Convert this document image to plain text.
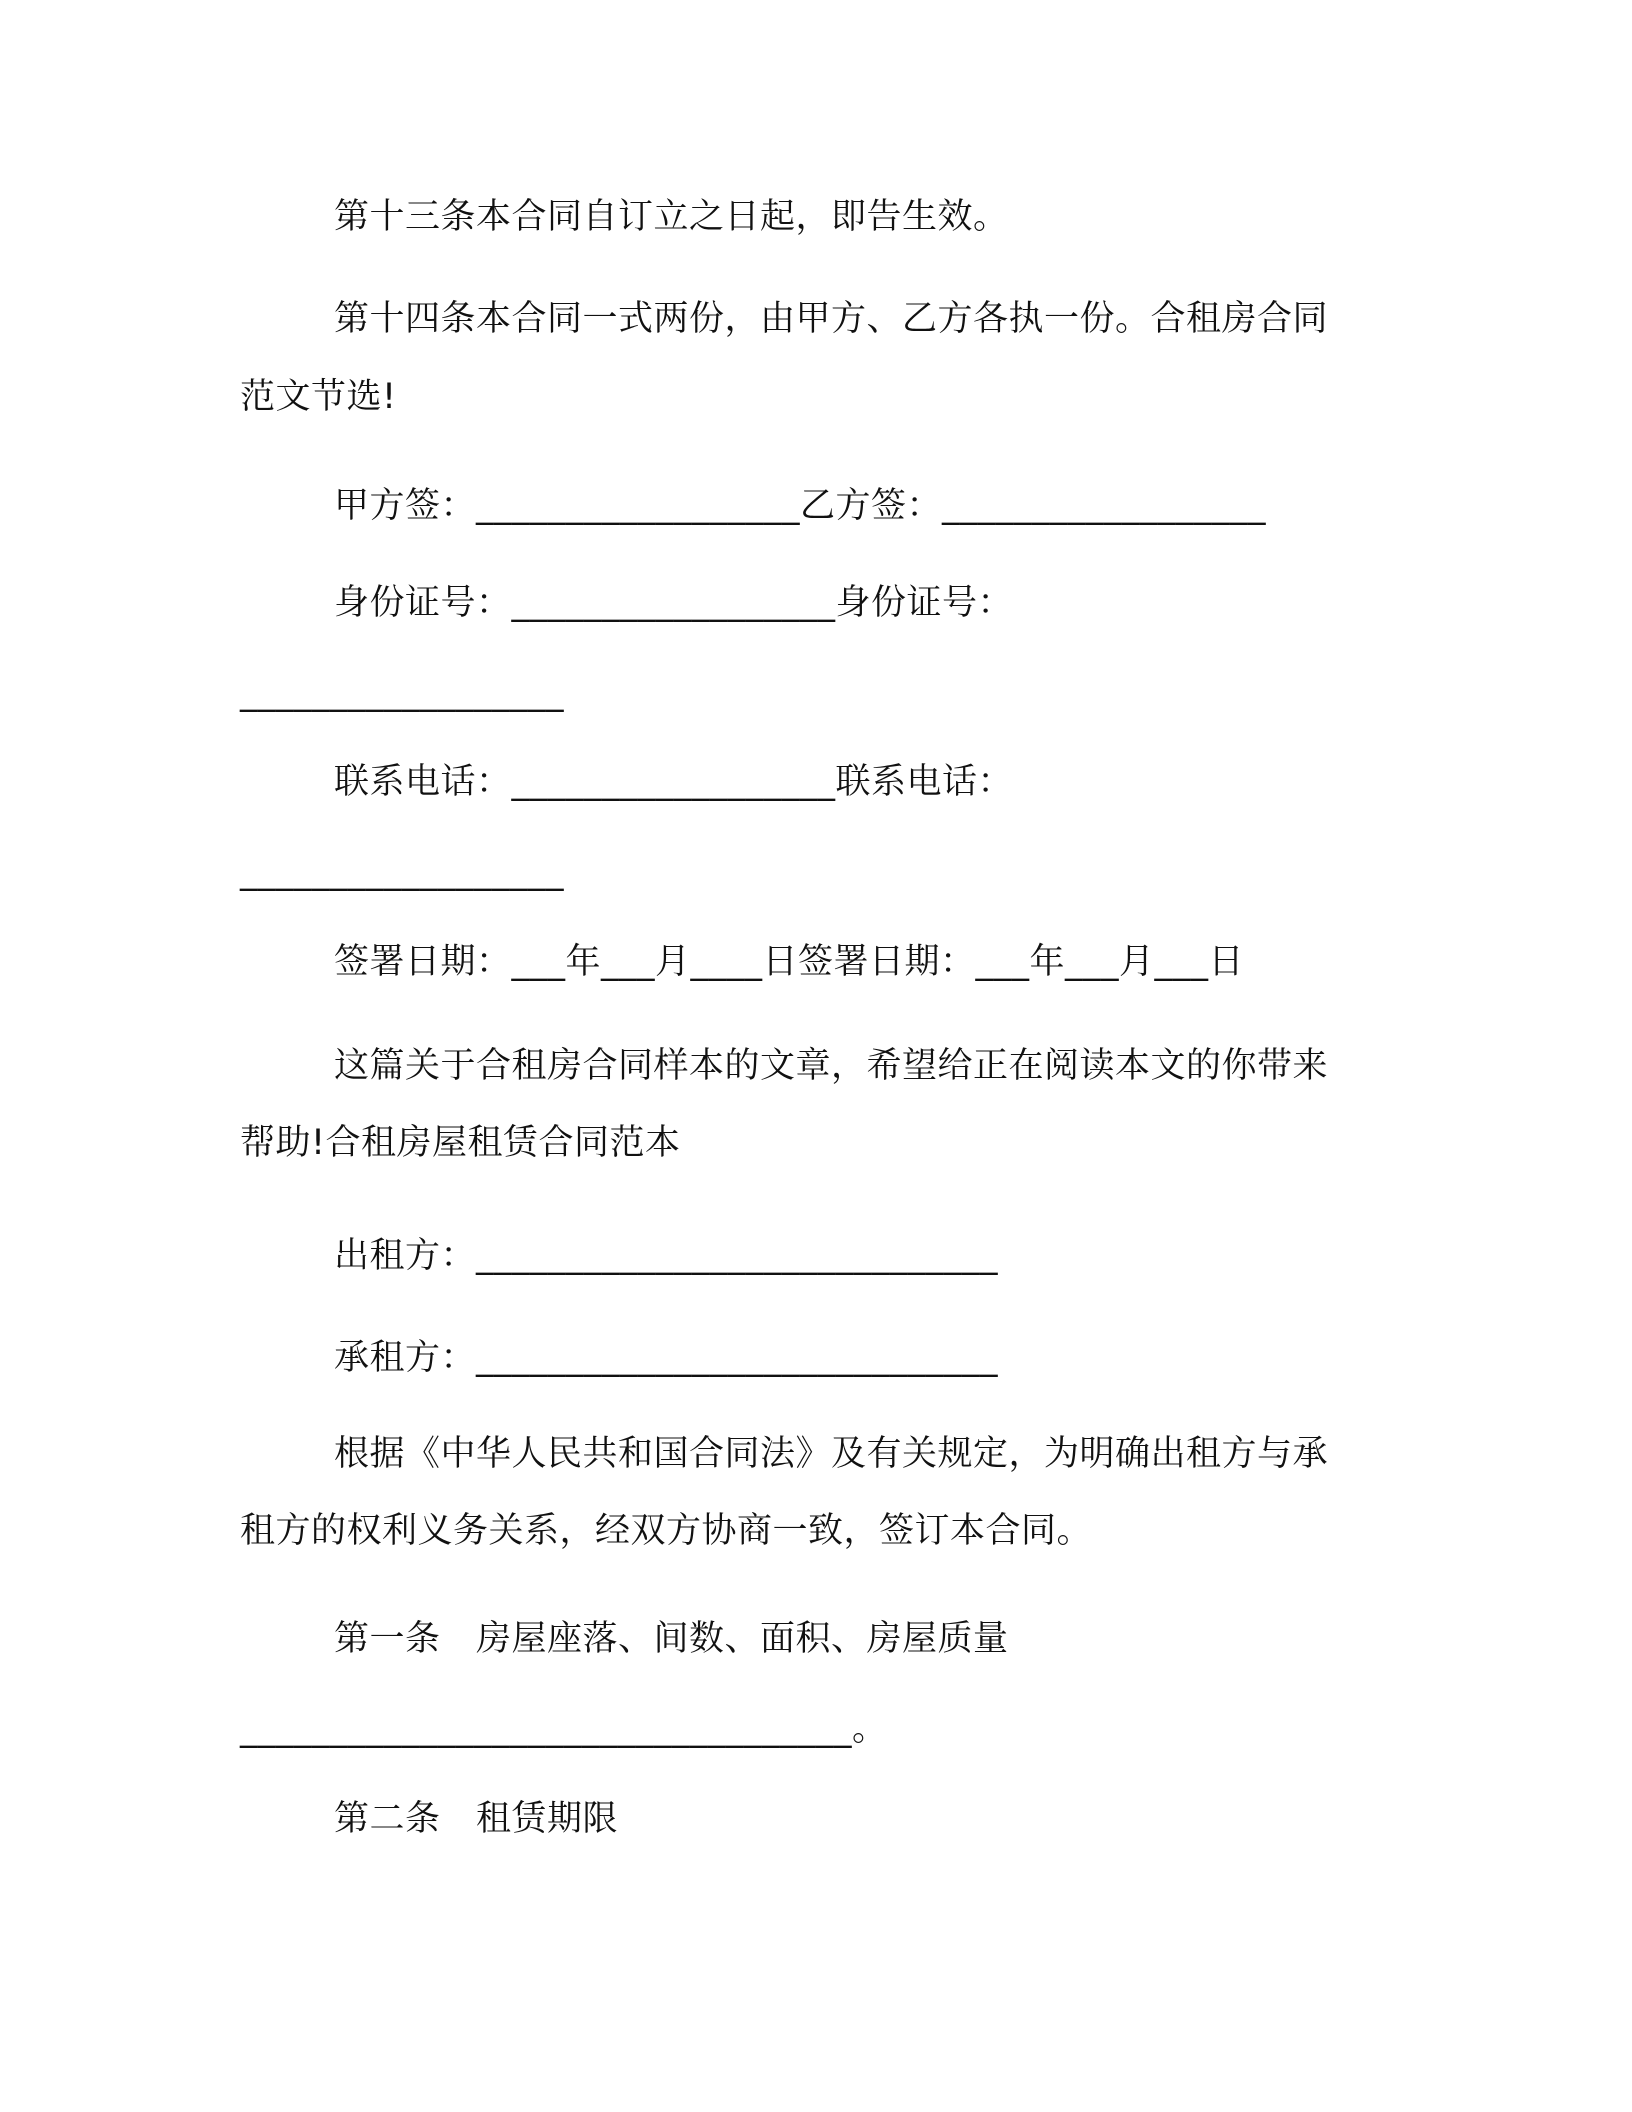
第十三条本合同自订立之日起，即告生效。
第十四条本合同一式两份，由甲方、乙方各执一份。合租房合同
范文节选!
甲方签：__________________乙方签：__________________
身份证号：__________________身份证号：
__________________
联系电话：__________________联系电话：
__________________
签署日期：___年___月____日签署日期：___年___月___日
这篇关于合租房合同样本的文章，希望给正在阅读本文的你带来
帮助!合租房屋租赁合同范本
出租方：_____________________________
承租方：_____________________________
根据《中华人民共和国合同法》及有关规定，为明确出租方与承
租方的权利义务关系，经双方协商一致，签订本合同。
第一条　房屋座落、间数、面积、房屋质量
__________________________________。
第二条　租赁期限
